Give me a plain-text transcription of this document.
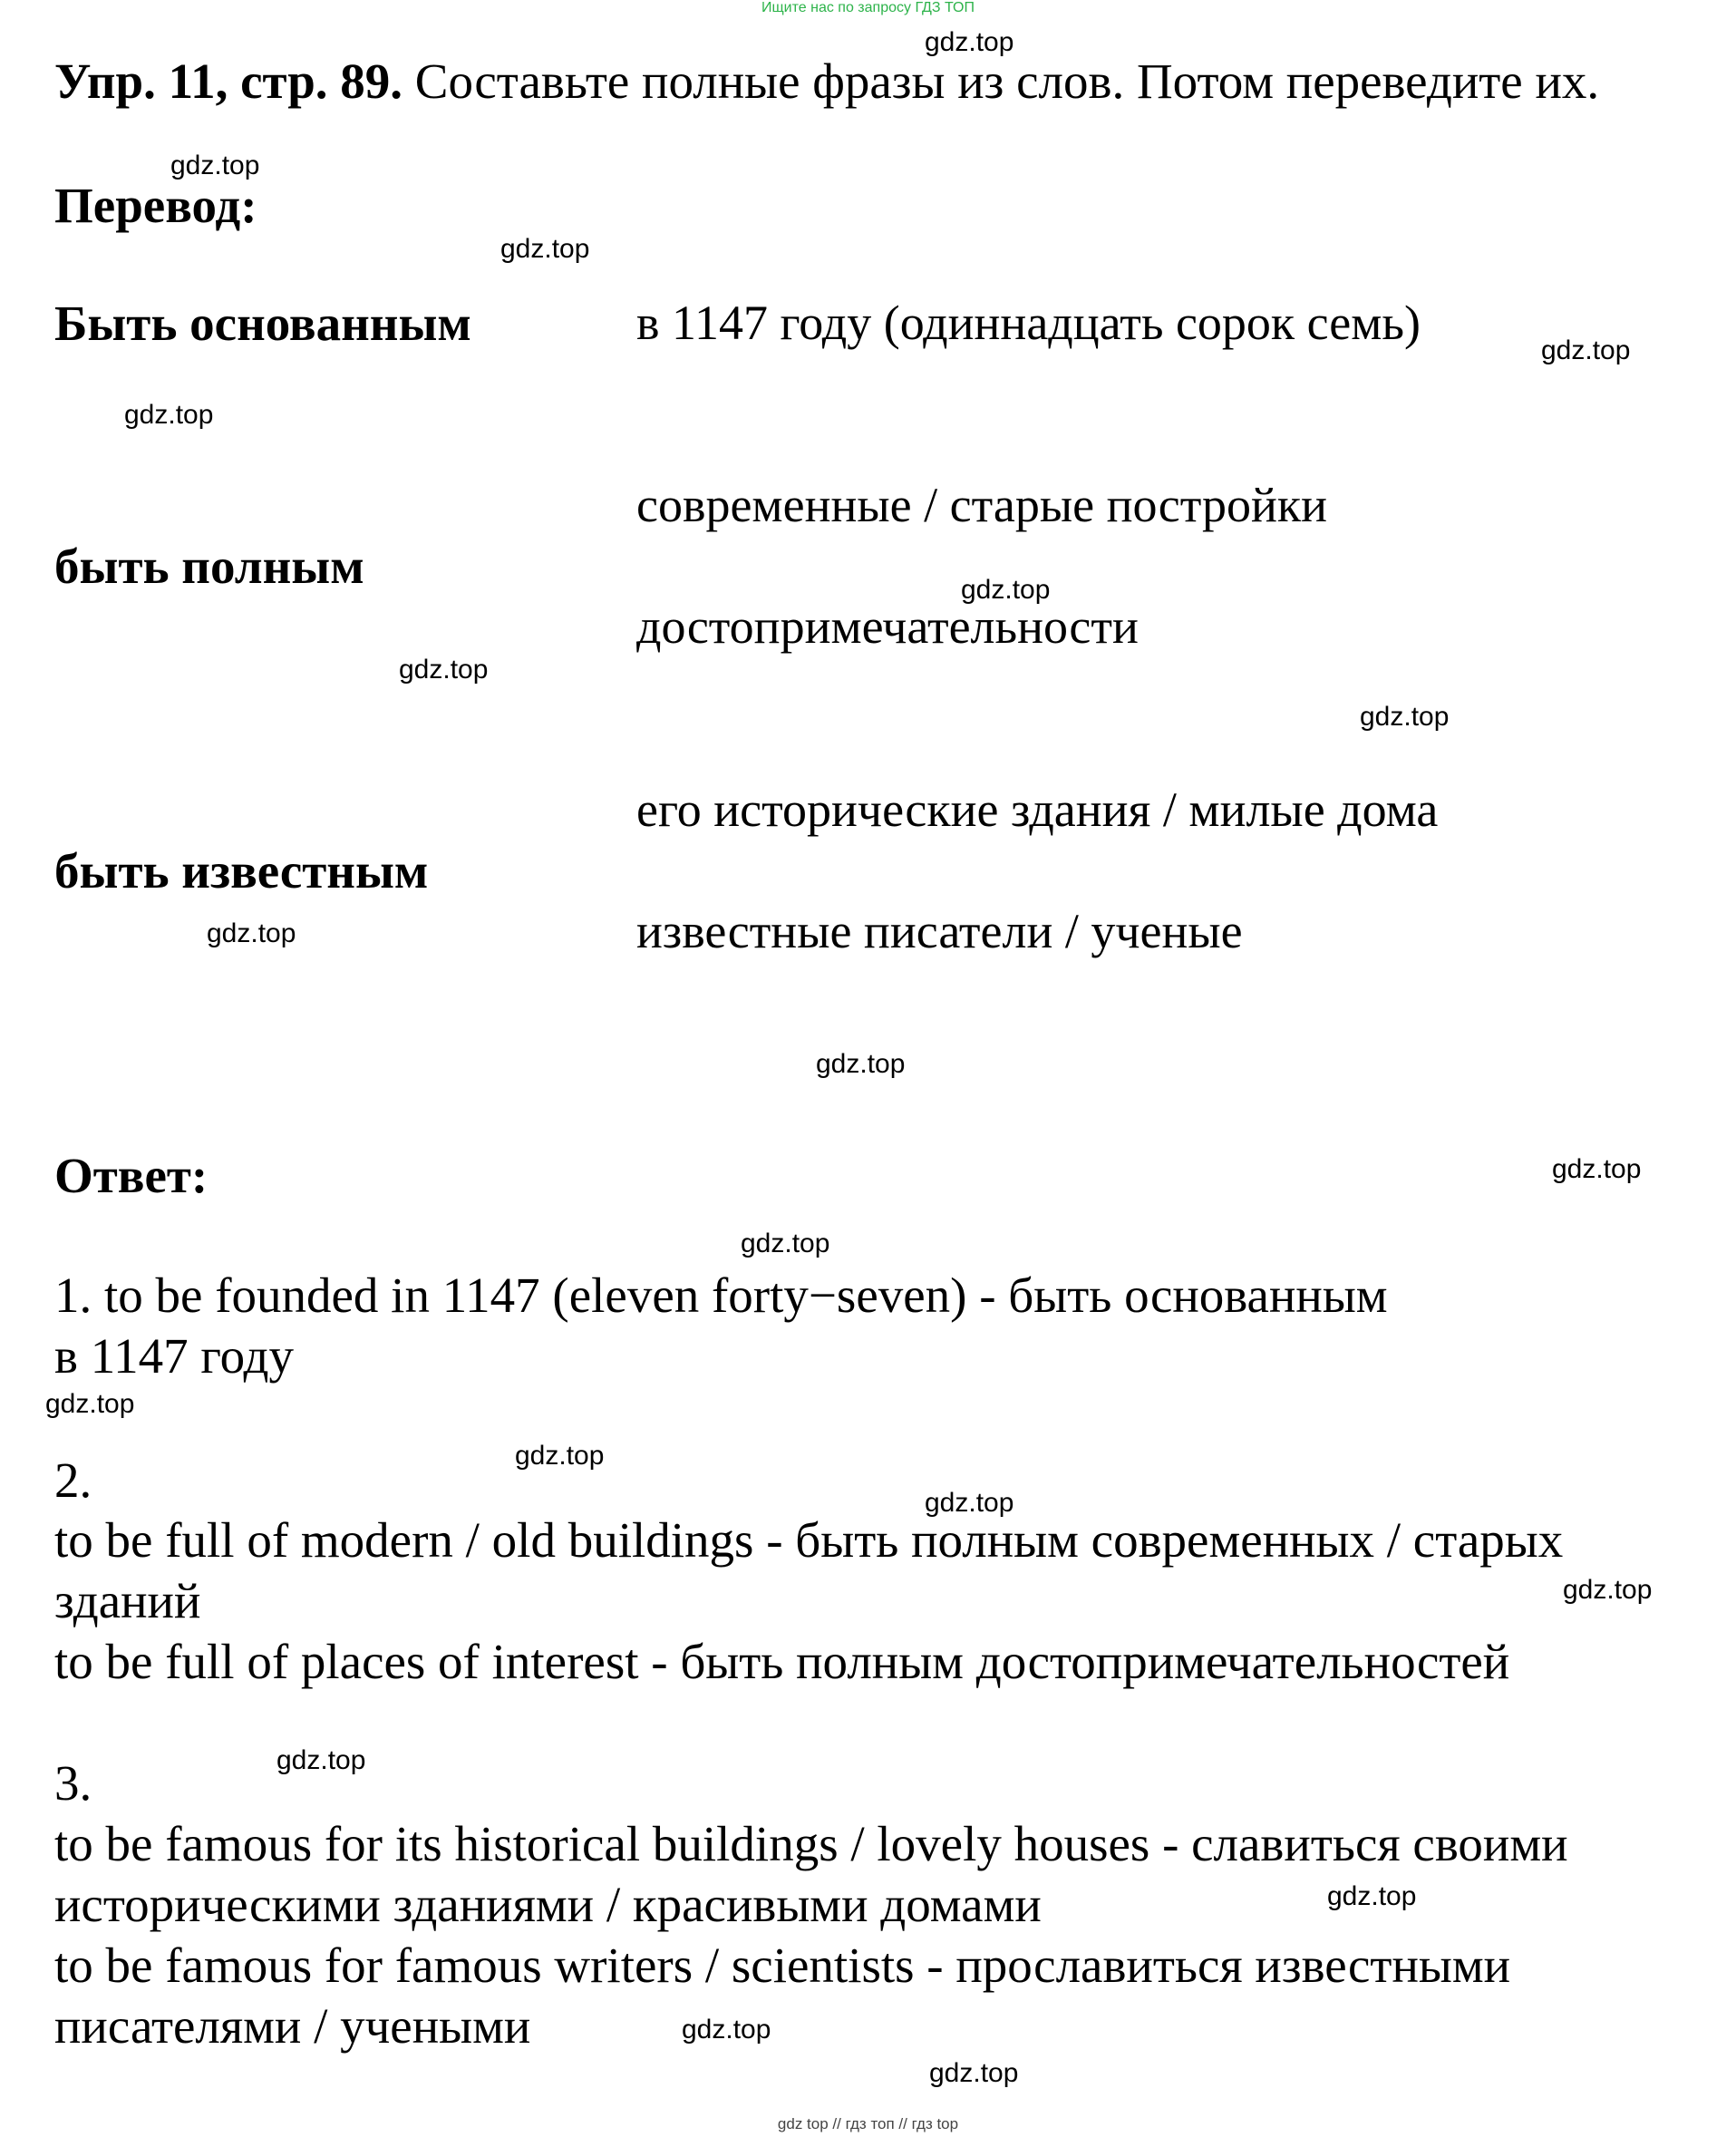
Ищите нас по запросу ГДЗ ТОП
Упр. 11, стр. 89. Составьте полные фразы из слов. Потом переведите их.
Перевод:
Быть основанным	в 1147 году (одиннадцать сорок семь)
современные / старые постройки
быть полным
достопримечательности
его исторические здания / милые дома
быть известным
известные писатели / ученые
Ответ:
1. to be founded in 1147 (eleven forty−seven) - быть основанным
в 1147 году
2.
to be full of modern / old buildings - быть полным современных / старых
зданий
to be full of places of interest - быть полным достопримечательностей
3.
to be famous for its historical buildings / lovely houses - славиться своими
историческими зданиями / красивыми домами
to be famous for famous writers / scientists - прославиться известными
писателями / учеными
gdz.top
gdz.top
gdz.top
gdz.top
gdz.top
gdz.top
gdz.top
gdz.top
gdz.top
gdz.top
gdz.top
gdz.top
gdz.top
gdz.top
gdz.top
gdz.top
gdz.top
gdz.top
gdz.top
gdz.top
gdz top // гдз топ // гдз top
